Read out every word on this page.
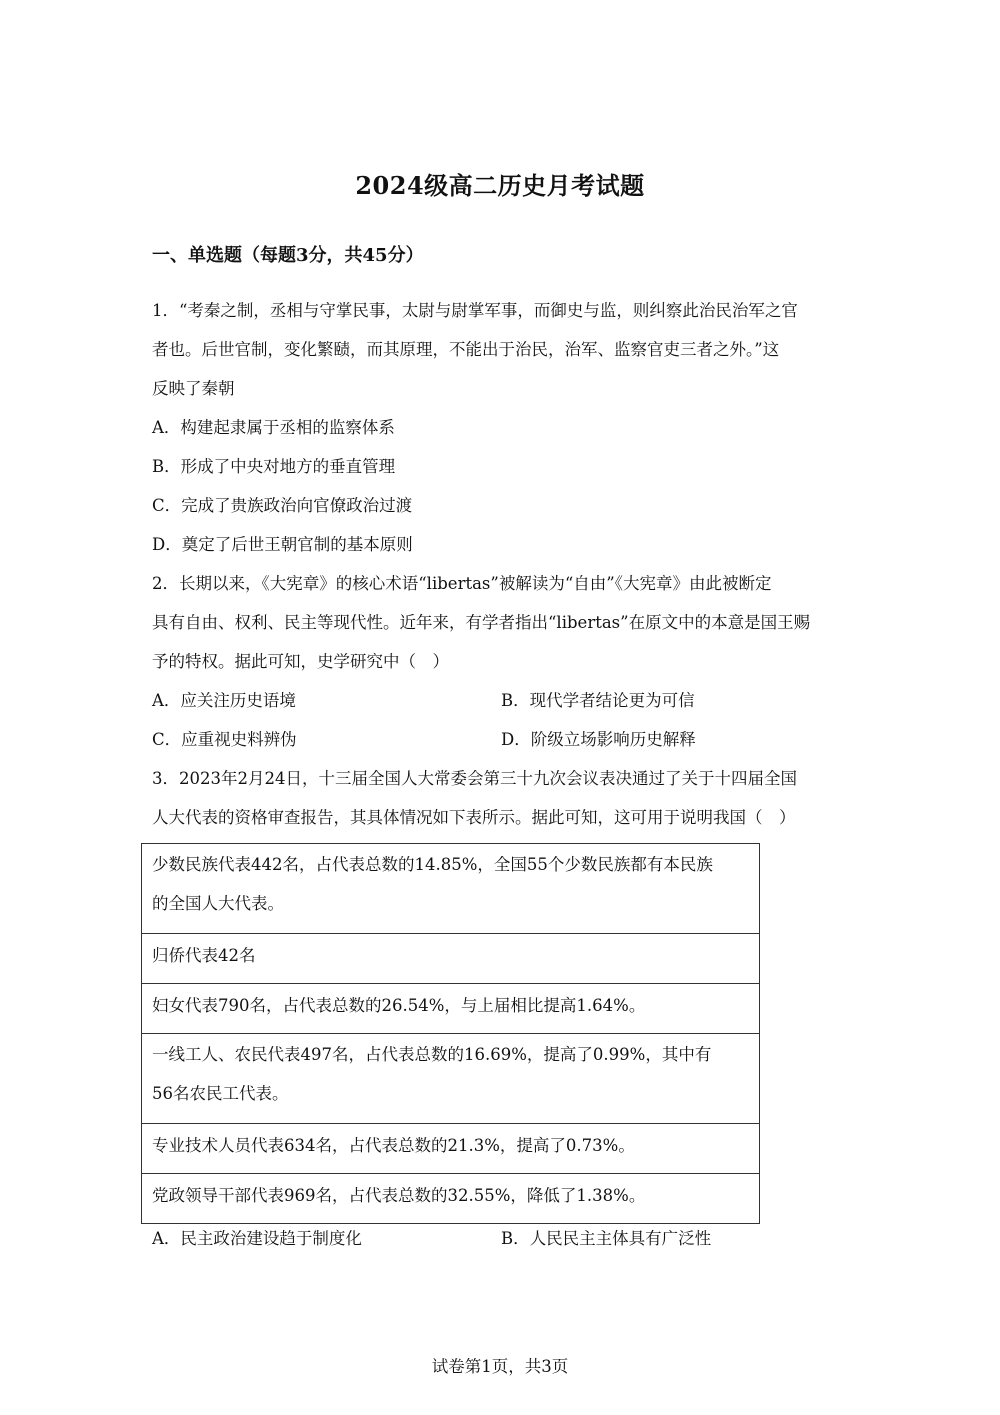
2024级高二历史月考试题
一、单选题（每题3分，共45分）
1．“考秦之制，丞相与守掌民事，太尉与尉掌军事，而御史与监，则纠察此治民治军之官
者也。后世官制，变化繁赜，而其原理，不能出于治民，治军、监察官吏三者之外。”这
反映了秦朝
A．构建起隶属于丞相的监察体系
B．形成了中央对地方的垂直管理
C．完成了贵族政治向官僚政治过渡
D．奠定了后世王朝官制的基本原则
2．长期以来，《大宪章》的核心术语“libertas”被解读为“自由”《大宪章》由此被断定
具有自由、权利、民主等现代性。近年来，有学者指出“libertas”在原文中的本意是国王赐
予的特权。据此可知，史学研究中（　）
A．应关注历史语境	B．现代学者结论更为可信
C．应重视史料辨伪	D．阶级立场影响历史解释
3．2023年2月24日，十三届全国人大常委会第三十九次会议表决通过了关于十四届全国
人大代表的资格审查报告，其具体情况如下表所示。据此可知，这可用于说明我国（　）
少数民族代表442名，占代表总数的14.85%，全国55个少数民族都有本民族
的全国人大代表。
归侨代表42名
妇女代表790名，占代表总数的26.54%，与上届相比提高1.64%。
一线工人、农民代表497名，占代表总数的16.69%，提高了0.99%，其中有
56名农民工代表。
专业技术人员代表634名，占代表总数的21.3%，提高了0.73%。
党政领导干部代表969名，占代表总数的32.55%，降低了1.38%。
A．民主政治建设趋于制度化	B．人民民主主体具有广泛性
试卷第1页，共3页
